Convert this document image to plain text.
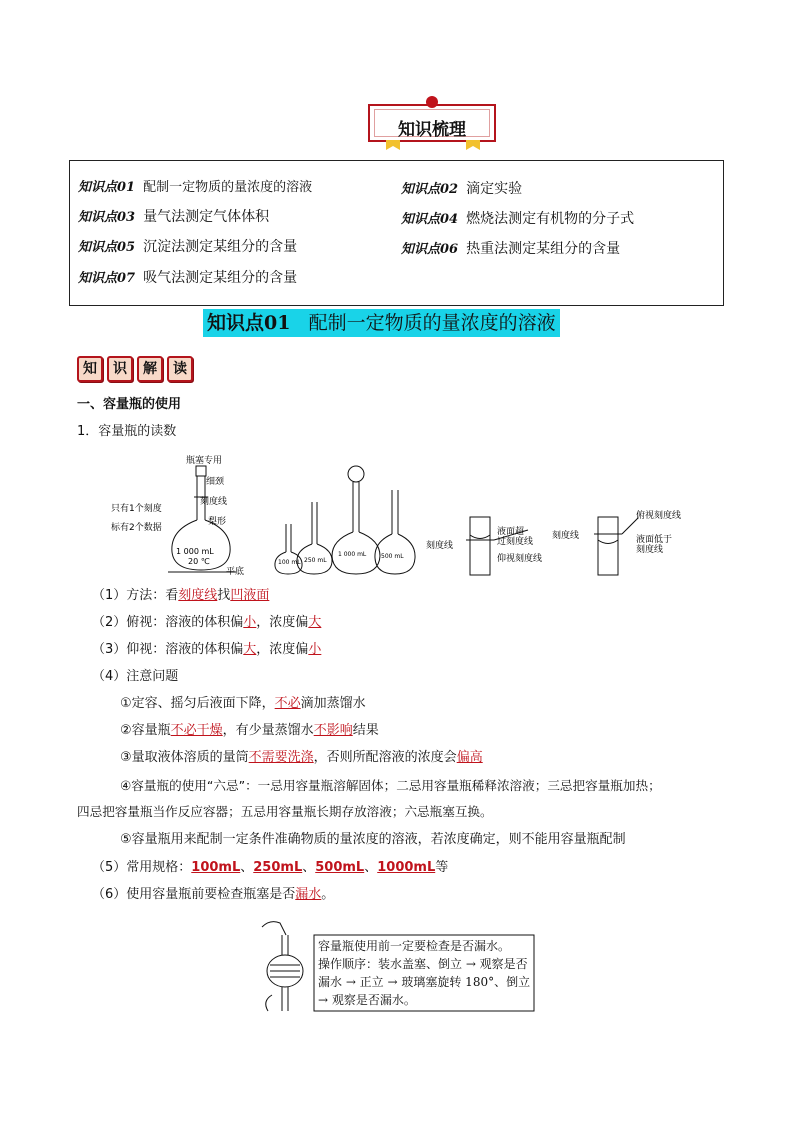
知识梳理
知识点01 配制一定物质的量浓度的溶液	知识点02 滴定实验
知识点03 量气法测定气体体积	知识点04 燃烧法测定有机物的分子式
知识点05 沉淀法测定某组分的含量	知识点06 热重法测定某组分的含量
知识点07 吸气法测定某组分的含量
知识点01 配制一定物质的量浓度的溶液
知	识	解	读
一、容量瓶的使用
1．容量瓶的读数
瓶塞专用
细颈
刻度线
只有1个刻度
标有2个数据
梨形
1 000 mL
20 ℃
平底
100 mL 250 mL
1 000 mL 500 mL
刻度线
液面超
过刻度线
仰视刻度线
刻度线
俯视刻度线
液面低于
刻度线
（1）方法：看刻度线找凹液面
（2）俯视：溶液的体积偏小，浓度偏大
（3）仰视：溶液的体积偏大，浓度偏小
（4）注意问题
①定容、摇匀后液面下降，不必滴加蒸馏水
②容量瓶不必干燥，有少量蒸馏水不影响结果
③量取液体溶质的量筒不需要洗涤，否则所配溶液的浓度会偏高
④容量瓶的使用“六忌”：一忌用容量瓶溶解固体；二忌用容量瓶稀释浓溶液；三忌把容量瓶加热；
四忌把容量瓶当作反应容器；五忌用容量瓶长期存放溶液；六忌瓶塞互换。
⑤容量瓶用来配制一定条件准确物质的量浓度的溶液，若浓度确定，则不能用容量瓶配制
（5）常用规格：100mL、250mL、500mL、1000mL等
（6）使用容量瓶前要检查瓶塞是否漏水。
容量瓶使用前一定要检查是否漏水。
操作顺序：装水盖塞、倒立 → 观察是否
漏水 → 正立 → 玻璃塞旋转 180°、倒立
→ 观察是否漏水。
